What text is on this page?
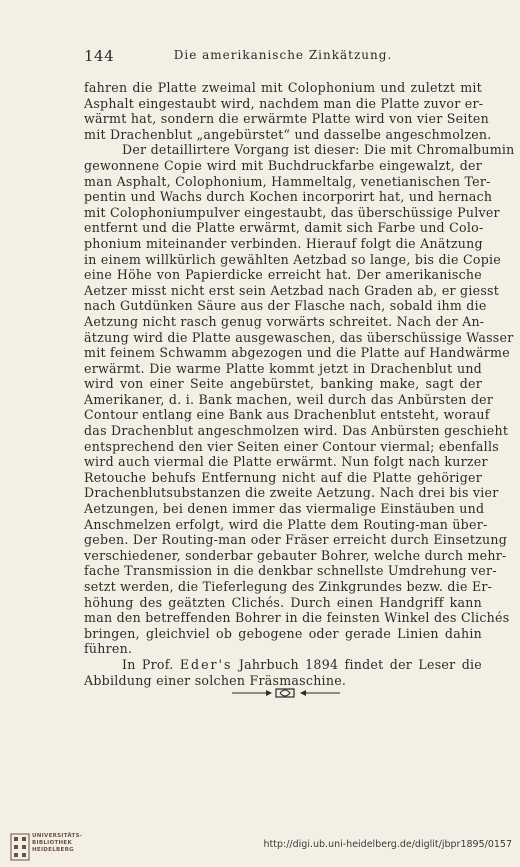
144	Die amerikanische Zinkätzung.

fahren die Platte zweimal mit Colophonium und zuletzt mit
Asphalt eingestaubt wird, nachdem man die Platte zuvor er-
wärmt hat, sondern die erwärmte Platte wird von vier Seiten
mit Drachenblut „angebürstet“ und dasselbe angeschmolzen.

Der detaillirtere Vorgang ist dieser: Die mit Chromalbumin
gewonnene Copie wird mit Buchdruckfarbe eingewalzt, der
man Asphalt, Colophonium, Hammeltalg, venetianischen Ter-
pentin und Wachs durch Kochen incorporirt hat, und hernach
mit Colophoniumpulver eingestaubt, das überschüssige Pulver
entfernt und die Platte erwärmt, damit sich Farbe und Colo-
phonium miteinander verbinden. Hierauf folgt die Anätzung
in einem willkürlich gewählten Aetzbad so lange, bis die Copie
eine Höhe von Papierdicke erreicht hat. Der amerikanische
Aetzer misst nicht erst sein Aetzbad nach Graden ab, er giesst
nach Gutdünken Säure aus der Flasche nach, sobald ihm die
Aetzung nicht rasch genug vorwärts schreitet. Nach der An-
ätzung wird die Platte ausgewaschen, das überschüssige Wasser
mit feinem Schwamm abgezogen und die Platte auf Handwärme
erwärmt. Die warme Platte kommt jetzt in Drachenblut und
wird von einer Seite angebürstet, banking make, sagt der
Amerikaner, d. i. Bank machen, weil durch das Anbürsten der
Contour entlang eine Bank aus Drachenblut entsteht, worauf
das Drachenblut angeschmolzen wird. Das Anbürsten geschieht
entsprechend den vier Seiten einer Contour viermal; ebenfalls
wird auch viermal die Platte erwärmt. Nun folgt nach kurzer
Retouche behufs Entfernung nicht auf die Platte gehöriger
Drachenblutsubstanzen die zweite Aetzung. Nach drei bis vier
Aetzungen, bei denen immer das viermalige Einstäuben und
Anschmelzen erfolgt, wird die Platte dem Routing-man über-
geben. Der Routing-man oder Fräser erreicht durch Einsetzung
verschiedener, sonderbar gebauter Bohrer, welche durch mehr-
fache Transmission in die denkbar schnellste Umdrehung ver-
setzt werden, die Tieferlegung des Zinkgrundes bezw. die Er-
höhung des geätzten Clichés. Durch einen Handgriff kann
man den betreffenden Bohrer in die feinsten Winkel des Clichés
bringen, gleichviel ob gebogene oder gerade Linien dahin
führen.

In Prof. Eder's Jahrbuch 1894 findet der Leser die
Abbildung einer solchen Fräsmaschine.

UNIVERSITÄTS-
BIBLIOTHEK
HEIDELBERG	http://digi.ub.uni-heidelberg.de/diglit/jbpr1895/0157
